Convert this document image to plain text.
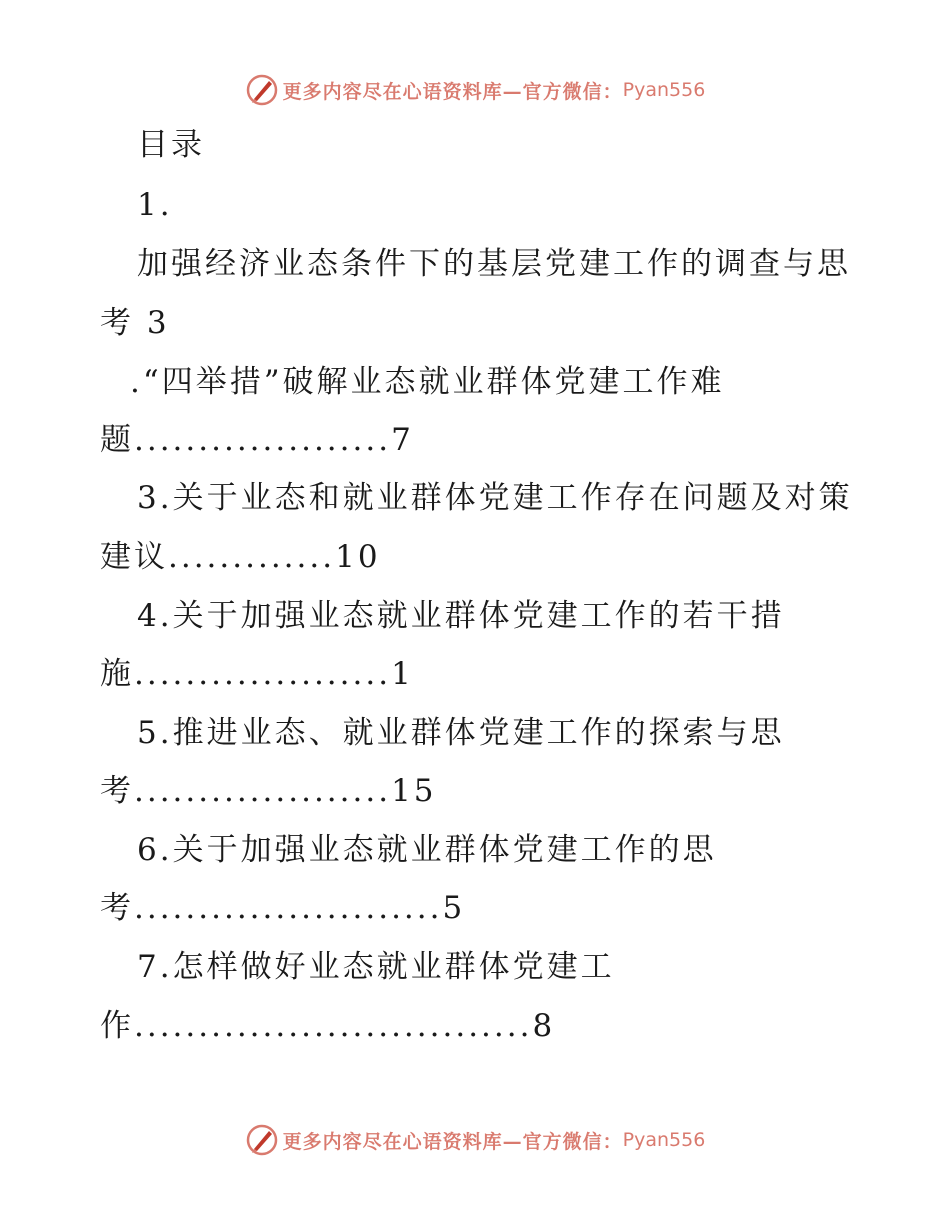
更多内容尽在心语资料库—官方微信： Pyan556
目录
1.
加强经济业态条件下的基层党建工作的调查与思
考 3
.“四举措”破解业态就业群体党建工作难
题....................7
3.关于业态和就业群体党建工作存在问题及对策
建议.............10
4.关于加强业态就业群体党建工作的若干措
施....................1
5.推进业态、就业群体党建工作的探索与思
考....................15
6.关于加强业态就业群体党建工作的思
考........................5
7.怎样做好业态就业群体党建工
作...............................8
更多内容尽在心语资料库—官方微信： Pyan556
